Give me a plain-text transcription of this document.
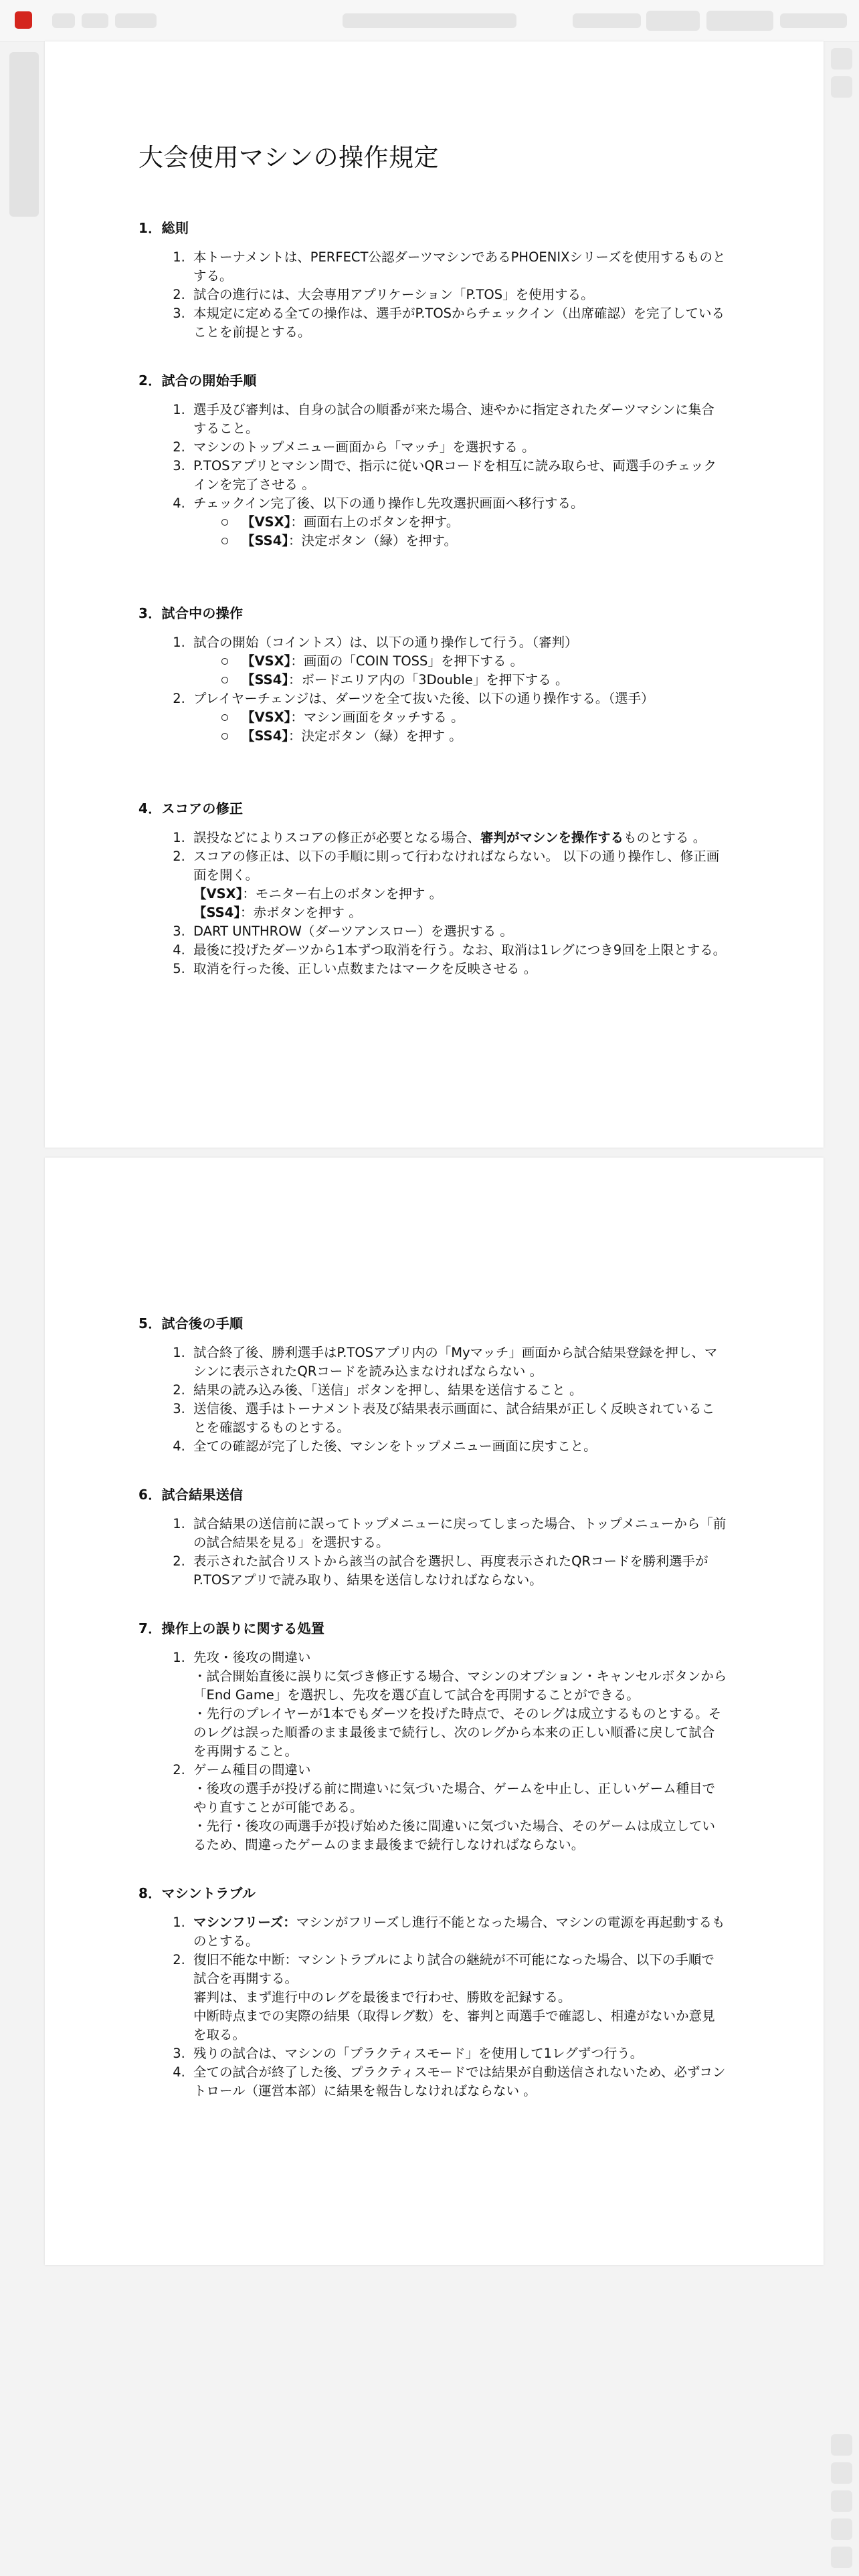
大会使用マシンの操作規定
1．総則
1. 本トーナメントは、PERFECT公認ダーツマシンであるPHOENIXシリーズを使用するものとする。
2. 試合の進行には、大会専用アプリケーション「P.TOS」を使用する。
3. 本規定に定める全ての操作は、選手がP.TOSからチェックイン（出席確認）を完了していることを前提とする。
2．試合の開始手順
1. 選手及び審判は、自身の試合の順番が来た場合、速やかに指定されたダーツマシンに集合すること。
2. マシンのトップメニュー画面から「マッチ」を選択する 。
3. P.TOSアプリとマシン間で、指示に従いQRコードを相互に読み取らせ、両選手のチェックインを完了させる 。
4. チェックイン完了後、以下の通り操作し先攻選択画面へ移行する。
【VSX】：画面右上のボタンを押す。
【SS4】：決定ボタン（緑）を押す。
3．試合中の操作
1. 試合の開始（コイントス）は、以下の通り操作して行う。（審判）
【VSX】：画面の「COIN TOSS」を押下する 。
【SS4】：ボードエリア内の「3Double」を押下する 。
2. プレイヤーチェンジは、ダーツを全て抜いた後、以下の通り操作する。（選手）
【VSX】：マシン画面をタッチする 。
【SS4】：決定ボタン（緑）を押す 。
4．スコアの修正
1. 誤投などによりスコアの修正が必要となる場合、審判がマシンを操作するものとする 。
2. スコアの修正は、以下の手順に則って行わなければならない。 以下の通り操作し、修正画面を開く。
【VSX】：モニター右上のボタンを押す 。
【SS4】：赤ボタンを押す 。
3. DART UNTHROW（ダーツアンスロー）を選択する 。
4. 最後に投げたダーツから1本ずつ取消を行う。なお、取消は1レグにつき9回を上限とする。
5. 取消を行った後、正しい点数またはマークを反映させる 。
5．試合後の手順
1. 試合終了後、勝利選手はP.TOSアプリ内の「Myマッチ」画面から試合結果登録を押し、マシンに表示されたQRコードを読み込まなければならない 。
2. 結果の読み込み後、「送信」ボタンを押し、結果を送信すること 。
3. 送信後、選手はトーナメント表及び結果表示画面に、試合結果が正しく反映されていることを確認するものとする。
4. 全ての確認が完了した後、マシンをトップメニュー画面に戻すこと。
6．試合結果送信
1. 試合結果の送信前に誤ってトップメニューに戻ってしまった場合、トップメニューから「前の試合結果を見る」を選択する。
2. 表示された試合リストから該当の試合を選択し、再度表示されたQRコードを勝利選手がP.TOSアプリで読み取り、結果を送信しなければならない。
7．操作上の誤りに関する処置
1. 先攻・後攻の間違い
・試合開始直後に誤りに気づき修正する場合、マシンのオプション・キャンセルボタンから「End Game」を選択し、先攻を選び直して試合を再開することができる。
・先行のプレイヤーが1本でもダーツを投げた時点で、そのレグは成立するものとする。そのレグは誤った順番のまま最後まで続行し、次のレグから本来の正しい順番に戻して試合を再開すること。
2. ゲーム種目の間違い
・後攻の選手が投げる前に間違いに気づいた場合、ゲームを中止し、正しいゲーム種目でやり直すことが可能である。
・先行・後攻の両選手が投げ始めた後に間違いに気づいた場合、そのゲームは成立しているため、間違ったゲームのまま最後まで続行しなければならない。
8．マシントラブル
1. マシンフリーズ：マシンがフリーズし進行不能となった場合、マシンの電源を再起動するものとする。
2. 復旧不能な中断：マシントラブルにより試合の継続が不可能になった場合、以下の手順で試合を再開する。
審判は、まず進行中のレグを最後まで行わせ、勝敗を記録する。
中断時点までの実際の結果（取得レグ数）を、審判と両選手で確認し、相違がないか意見を取る。
3. 残りの試合は、マシンの「プラクティスモード」を使用して1レグずつ行う。
4. 全ての試合が終了した後、プラクティスモードでは結果が自動送信されないため、必ずコントロール（運営本部）に結果を報告しなければならない 。
